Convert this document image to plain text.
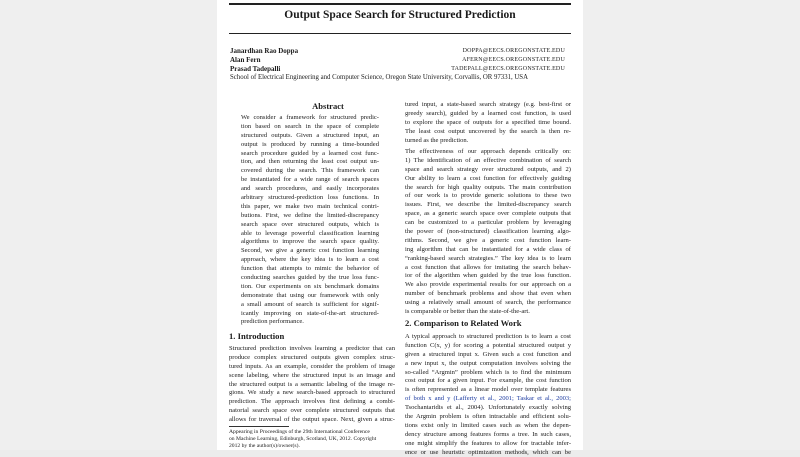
Output Space Search for Structured Prediction
Janardhan Rao Doppa	DOPPA@EECS.OREGONSTATE.EDU
Alan Fern	AFERN@EECS.OREGONSTATE.EDU
Prasad Tadepalli	TADEPALL@EECS.OREGONSTATE.EDU
School of Electrical Engineering and Computer Science, Oregon State University, Corvallis, OR 97331, USA
Abstract
We consider a framework for structured predic-
tion based on search in the space of complete
structured outputs. Given a structured input, an
output is produced by running a time-bounded
search procedure guided by a learned cost func-
tion, and then returning the least cost output un-
covered during the search. This framework can
be instantiated for a wide range of search spaces
and search procedures, and easily incorporates
arbitrary structured-prediction loss functions. In
this paper, we make two main technical contri-
butions. First, we define the limited-discrepancy
search space over structured outputs, which is
able to leverage powerful classification learning
algorithms to improve the search space quality.
Second, we give a generic cost function learning
approach, where the key idea is to learn a cost
function that attempts to mimic the behavior of
conducting searches guided by the true loss func-
tion. Our experiments on six benchmark domains
demonstrate that using our framework with only
a small amount of search is sufficient for signif-
icantly improving on state-of-the-art structured-
prediction performance.
1. Introduction
Structured prediction involves learning a predictor that can
produce complex structured outputs given complex struc-
tured inputs. As an example, consider the problem of image
scene labeling, where the structured input is an image and
the structured output is a semantic labeling of the image re-
gions. We study a new search-based approach to structured
prediction. The approach involves first defining a combi-
natorial search space over complete structured outputs that
allows for traversal of the output space. Next, given a struc-
Appearing in Proceedings of the 29th International Conference
on Machine Learning, Edinburgh, Scotland, UK, 2012. Copyright
2012 by the author(s)/owner(s).
tured input, a state-based search strategy (e.g. best-first or
greedy search), guided by a learned cost function, is used
to explore the space of outputs for a specified time bound.
The least cost output uncovered by the search is then re-
turned as the prediction.
The effectiveness of our approach depends critically on:
1) The identification of an effective combination of search
space and search strategy over structured outputs, and 2)
Our ability to learn a cost function for effectively guiding
the search for high quality outputs. The main contribution
of our work is to provide generic solutions to these two
issues. First, we describe the limited-discrepancy search
space, as a generic search space over complete outputs that
can be customized to a particular problem by leveraging
the power of (non-structured) classification learning algo-
rithms. Second, we give a generic cost function learn-
ing algorithm that can be instantiated for a wide class of
“ranking-based search strategies.” The key idea is to learn
a cost function that allows for imitating the search behav-
ior of the algorithm when guided by the true loss function.
We also provide experimental results for our approach on a
number of benchmark problems and show that even when
using a relatively small amount of search, the performance
is comparable or better than the state-of-the-art.
2. Comparison to Related Work
A typical approach to structured prediction is to learn a cost
function C(x, y) for scoring a potential structured output y
given a structured input x. Given such a cost function and
a new input x, the output computation involves solving the
so-called “Argmin” problem which is to find the minimum
cost output for a given input. For example, the cost function
is often represented as a linear model over template features
of both x and y (Lafferty et al., 2001; Taskar et al., 2003;
Tsochantaridis et al., 2004). Unfortunately exactly solving
the Argmin problem is often intractable and efficient solu-
tions exist only in limited cases such as when the depen-
dency structure among features forms a tree. In such cases,
one might simplify the features to allow for tractable infer-
ence or use heuristic optimization methods, which can be
